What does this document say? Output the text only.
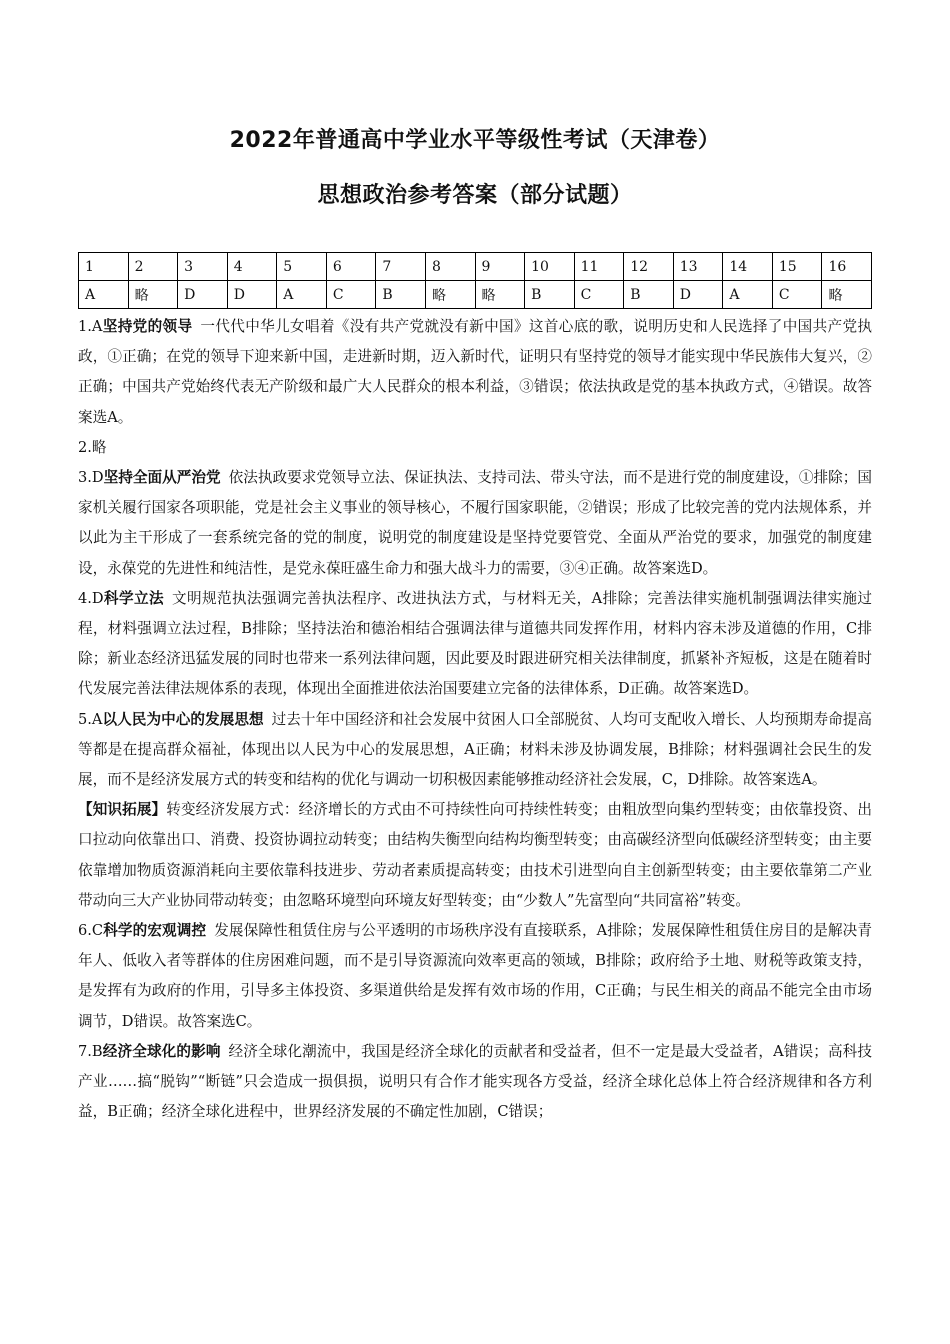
2022年普通高中学业水平等级性考试（天津卷）
思想政治参考答案（部分试题）
1	2	3	4	5	6	7	8	9	10	11	12	13	14	15	16
A	略	D	D	A	C	B	略	略	B	C	B	D	A	C	略

1.A坚持党的领导 一代代中华儿女唱着《没有共产党就没有新中国》这首心底的歌，说明历史和人民选择了中国共产党执政，①正确；在党的领导下迎来新中国，走进新时期，迈入新时代，证明只有坚持党的领导才能实现中华民族伟大复兴，②正确；中国共产党始终代表无产阶级和最广大人民群众的根本利益，③错误；依法执政是党的基本执政方式，④错误。故答案选A。

2.略

3.D坚持全面从严治党 依法执政要求党领导立法、保证执法、支持司法、带头守法，而不是进行党的制度建设，①排除；国家机关履行国家各项职能，党是社会主义事业的领导核心，不履行国家职能，②错误；形成了比较完善的党内法规体系，并以此为主干形成了一套系统完备的党的制度，说明党的制度建设是坚持党要管党、全面从严治党的要求，加强党的制度建设，永葆党的先进性和纯洁性，是党永葆旺盛生命力和强大战斗力的需要，③④正确。故答案选D。

4.D科学立法 文明规范执法强调完善执法程序、改进执法方式，与材料无关，A排除；完善法律实施机制强调法律实施过程，材料强调立法过程，B排除；坚持法治和德治相结合强调法律与道德共同发挥作用，材料内容未涉及道德的作用，C排除；新业态经济迅猛发展的同时也带来一系列法律问题，因此要及时跟进研究相关法律制度，抓紧补齐短板，这是在随着时代发展完善法律法规体系的表现，体现出全面推进依法治国要建立完备的法律体系，D正确。故答案选D。

5.A以人民为中心的发展思想 过去十年中国经济和社会发展中贫困人口全部脱贫、人均可支配收入增长、人均预期寿命提高等都是在提高群众福祉，体现出以人民为中心的发展思想，A正确；材料未涉及协调发展，B排除；材料强调社会民生的发展，而不是经济发展方式的转变和结构的优化与调动一切积极因素能够推动经济社会发展，C，D排除。故答案选A。

【知识拓展】转变经济发展方式：经济增长的方式由不可持续性向可持续性转变；由粗放型向集约型转变；由依靠投资、出口拉动向依靠出口、消费、投资协调拉动转变；由结构失衡型向结构均衡型转变；由高碳经济型向低碳经济型转变；由主要依靠增加物质资源消耗向主要依靠科技进步、劳动者素质提高转变；由技术引进型向自主创新型转变；由主要依靠第二产业带动向三大产业协同带动转变；由忽略环境型向环境友好型转变；由“少数人”先富型向“共同富裕”转变。

6.C科学的宏观调控 发展保障性租赁住房与公平透明的市场秩序没有直接联系，A排除；发展保障性租赁住房目的是解决青年人、低收入者等群体的住房困难问题，而不是引导资源流向效率更高的领域，B排除；政府给予土地、财税等政策支持，是发挥有为政府的作用，引导多主体投资、多渠道供给是发挥有效市场的作用，C正确；与民生相关的商品不能完全由市场调节，D错误。故答案选C。

7.B经济全球化的影响 经济全球化潮流中，我国是经济全球化的贡献者和受益者，但不一定是最大受益者，A错误；高科技产业……搞“脱钩”“断链”只会造成一损俱损，说明只有合作才能实现各方受益，经济全球化总体上符合经济规律和各方利益，B正确；经济全球化进程中，世界经济发展的不确定性加剧，C错误；
